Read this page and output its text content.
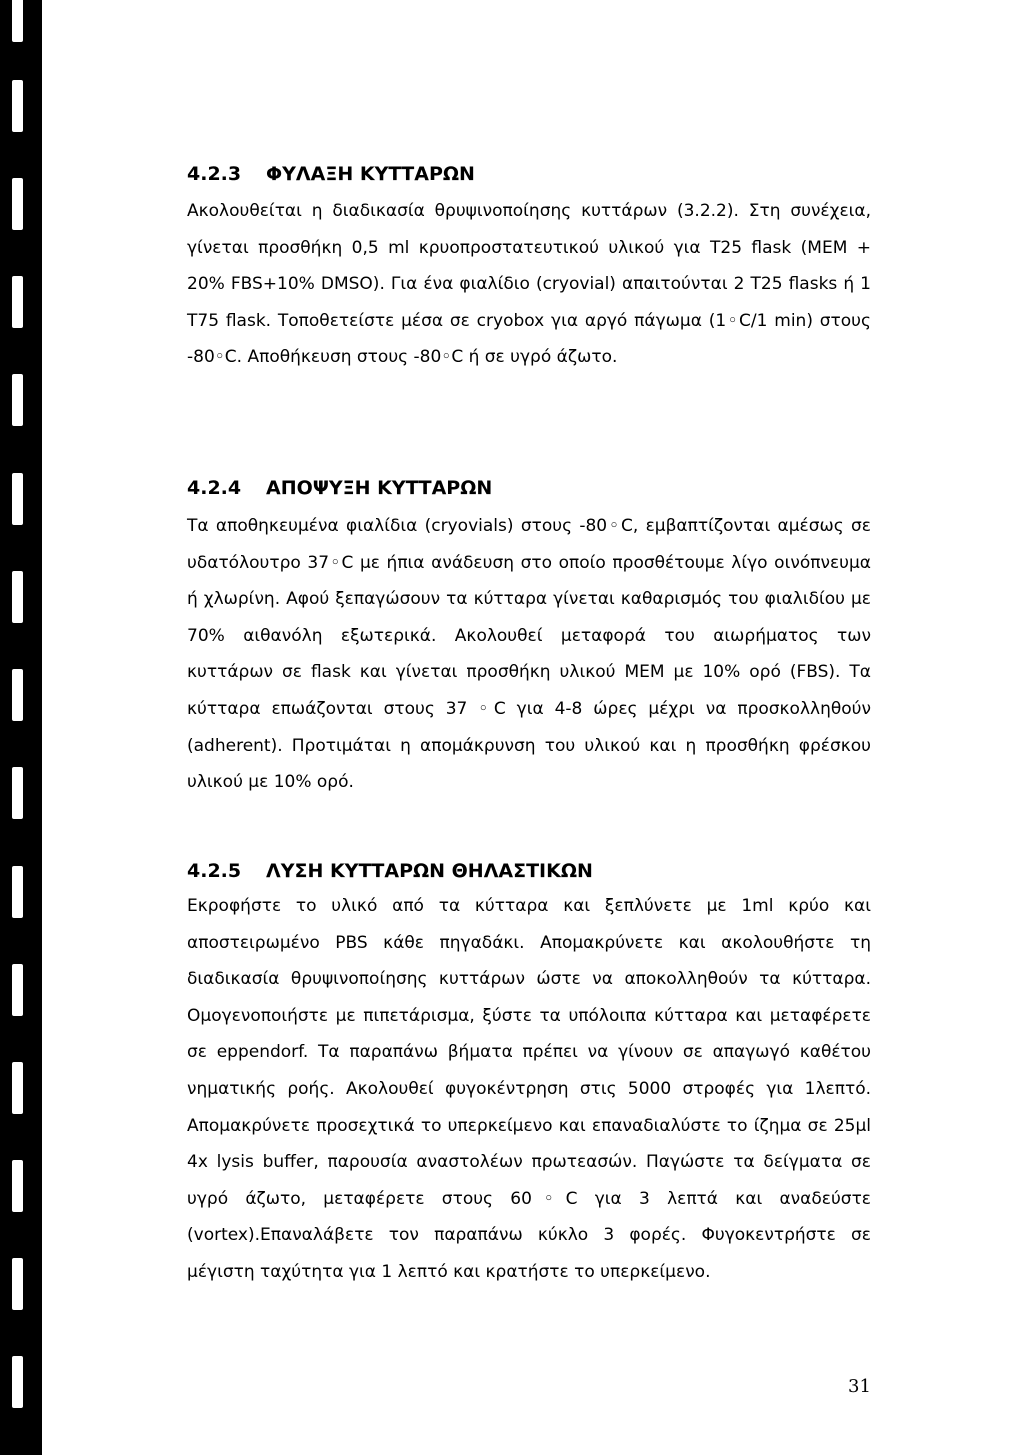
4.2.3 ΦΥΛΑΞΗ ΚΥΤΤΑΡΩΝ
Ακολουθείται η διαδικασία θρυψινοποίησης κυττάρων (3.2.2). Στη συνέχεια, γίνεται προσθήκη 0,5 ml κρυοπροστατευτικού υλικού για T25 flask (MEM + 20% FBS+10% DMSO). Για ένα φιαλίδιο (cryovial) απαιτούνται 2 T25 flasks ή 1 T75 flask. Τοποθετείστε μέσα σε cryobox για αργό πάγωμα (1◦C/1 min) στους -80◦C. Αποθήκευση στους -80◦C ή σε υγρό άζωτο.
4.2.4 ΑΠΟΨΥΞΗ ΚΥΤΤΑΡΩΝ
Τα αποθηκευμένα φιαλίδια (cryovials) στους -80◦C, εμβαπτίζονται αμέσως σε υδατόλουτρο 37◦C με ήπια ανάδευση στο οποίο προσθέτουμε λίγο οινόπνευμα ή χλωρίνη. Αφού ξεπαγώσουν τα κύτταρα γίνεται καθαρισμός του φιαλιδίου με 70% αιθανόλη εξωτερικά. Ακολουθεί μεταφορά του αιωρήματος των κυττάρων σε flask και γίνεται προσθήκη υλικού MEM με 10% ορό (FBS). Τα κύτταρα επωάζονται στους 37 ◦C για 4-8 ώρες μέχρι να προσκολληθούν (adherent). Προτιμάται η απομάκρυνση του υλικού και η προσθήκη φρέσκου υλικού με 10% ορό.
4.2.5 ΛΥΣΗ ΚΥΤΤΑΡΩΝ ΘΗΛΑΣΤΙΚΩΝ
Εκροφήστε το υλικό από τα κύτταρα και ξεπλύνετε με 1ml κρύο και αποστειρωμένο PBS κάθε πηγαδάκι. Απομακρύνετε και ακολουθήστε τη διαδικασία θρυψινοποίησης κυττάρων ώστε να αποκολληθούν τα κύτταρα. Ομογενοποιήστε με πιπετάρισμα, ξύστε τα υπόλοιπα κύτταρα και μεταφέρετε σε eppendorf. Τα παραπάνω βήματα πρέπει να γίνουν σε απαγωγό καθέτου νηματικής ροής. Ακολουθεί φυγοκέντρηση στις 5000 στροφές για 1λεπτό. Απομακρύνετε προσεχτικά το υπερκείμενο και επαναδιαλύστε το ίζημα σε 25μl 4x lysis buffer, παρουσία αναστολέων πρωτεασών. Παγώστε τα δείγματα σε υγρό άζωτο, μεταφέρετε στους 60◦C για 3 λεπτά και αναδεύστε (vortex).Επαναλάβετε τον παραπάνω κύκλο 3 φορές. Φυγοκεντρήστε σε μέγιστη ταχύτητα για 1 λεπτό και κρατήστε το υπερκείμενο.
31
